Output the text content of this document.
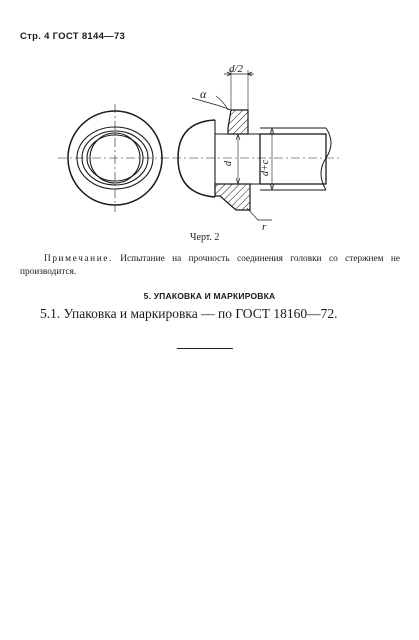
Стр. 4 ГОСТ 8144—73
d/2
α
d	d+c
r
Черт. 2

Примечание. Испытание на прочность соединения головки со стержнем не производится.

5. УПАКОВКА И МАРКИРОВКА

5.1. Упаковка и маркировка — по ГОСТ 18160—72.
